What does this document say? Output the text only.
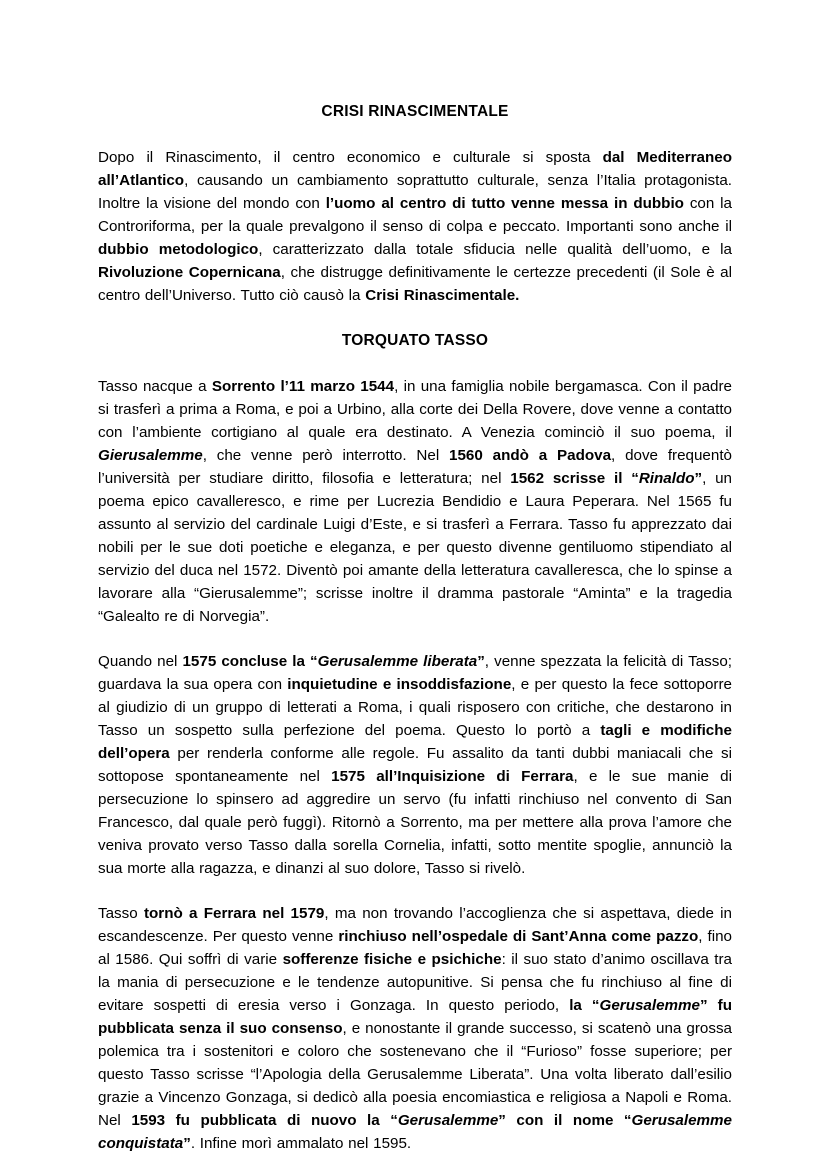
CRISI RINASCIMENTALE

Dopo il Rinascimento, il centro economico e culturale si sposta dal Mediterraneo all’Atlantico, causando un cambiamento soprattutto culturale, senza l’Italia protagonista. Inoltre la visione del mondo con l’uomo al centro di tutto venne messa in dubbio con la Controriforma, per la quale prevalgono il senso di colpa e peccato. Importanti sono anche il dubbio metodologico, caratterizzato dalla totale sfiducia nelle qualità dell’uomo, e la Rivoluzione Copernicana, che distrugge definitivamente le certezze precedenti (il Sole è al centro dell’Universo. Tutto ciò causò la Crisi Rinascimentale.

TORQUATO TASSO

Tasso nacque a Sorrento l’11 marzo 1544, in una famiglia nobile bergamasca. Con il padre si trasferì a prima a Roma, e poi a Urbino, alla corte dei Della Rovere, dove venne a contatto con l’ambiente cortigiano al quale era destinato. A Venezia cominciò il suo poema, il Gierusalemme, che venne però interrotto. Nel 1560 andò a Padova, dove frequentò l’università per studiare diritto, filosofia e letteratura; nel 1562 scrisse il “Rinaldo”, un poema epico cavalleresco, e rime per Lucrezia Bendidio e Laura Peperara. Nel 1565 fu assunto al servizio del cardinale Luigi d’Este, e si trasferì a Ferrara. Tasso fu apprezzato dai nobili per le sue doti poetiche e eleganza, e per questo divenne gentiluomo stipendiato al servizio del duca nel 1572. Diventò poi amante della letteratura cavalleresca, che lo spinse a lavorare alla “Gierusalemme”; scrisse inoltre il dramma pastorale “Aminta” e la tragedia “Galealto re di Norvegia”.

Quando nel 1575 concluse la “Gerusalemme liberata”, venne spezzata la felicità di Tasso; guardava la sua opera con inquietudine e insoddisfazione, e per questo la fece sottoporre al giudizio di un gruppo di letterati a Roma, i quali risposero con critiche, che destarono in Tasso un sospetto sulla perfezione del poema. Questo lo portò a tagli e modifiche dell’opera per renderla conforme alle regole. Fu assalito da tanti dubbi maniacali che si sottopose spontaneamente nel 1575 all’Inquisizione di Ferrara, e le sue manie di persecuzione lo spinsero ad aggredire un servo (fu infatti rinchiuso nel convento di San Francesco, dal quale però fuggì). Ritornò a Sorrento, ma per mettere alla prova l’amore che veniva provato verso Tasso dalla sorella Cornelia, infatti, sotto mentite spoglie, annunciò la sua morte alla ragazza, e dinanzi al suo dolore, Tasso si rivelò.

Tasso tornò a Ferrara nel 1579, ma non trovando l’accoglienza che si aspettava, diede in escandescenze. Per questo venne rinchiuso nell’ospedale di Sant’Anna come pazzo, fino al 1586. Qui soffrì di varie sofferenze fisiche e psichiche: il suo stato d’animo oscillava tra la mania di persecuzione e le tendenze autopunitive. Si pensa che fu rinchiuso al fine di evitare sospetti di eresia verso i Gonzaga. In questo periodo, la “Gerusalemme” fu pubblicata senza il suo consenso, e nonostante il grande successo, si scatenò una grossa polemica tra i sostenitori e coloro che sostenevano che il “Furioso” fosse superiore; per questo Tasso scrisse “l’Apologia della Gerusalemme Liberata”. Una volta liberato dall’esilio grazie a Vincenzo Gonzaga, si dedicò alla poesia encomiastica e religiosa a Napoli e Roma. Nel 1593 fu pubblicata di nuovo la “Gerusalemme” con il nome “Gerusalemme conquistata”. Infine morì ammalato nel 1595.
